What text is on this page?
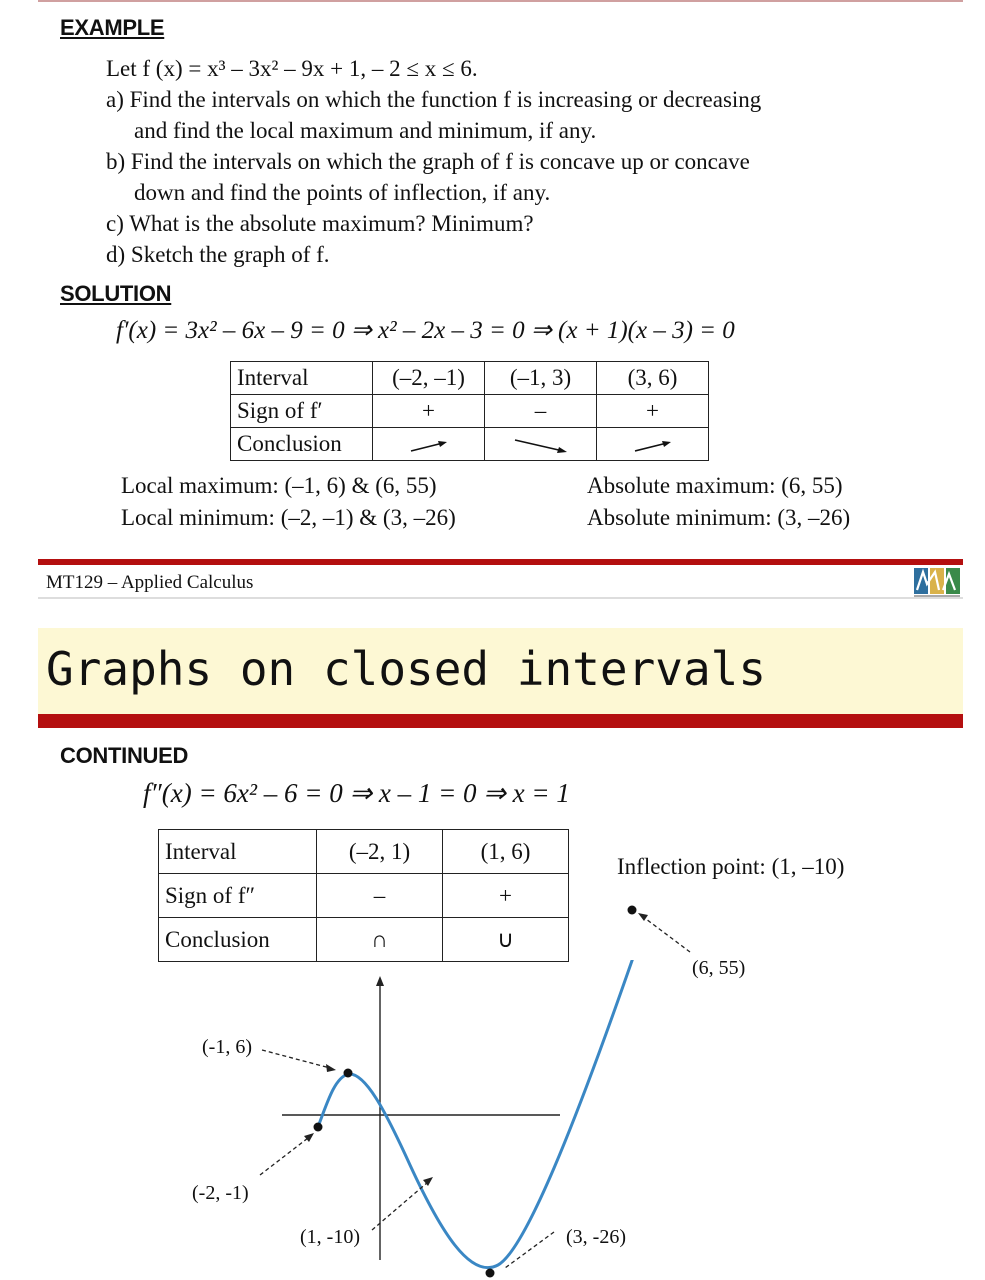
EXAMPLE
Let f (x) = x³ – 3x² – 9x + 1, – 2 ≤ x ≤ 6.
a) Find the intervals on which the function f is increasing or decreasing
and find the local maximum and minimum, if any.
b) Find the intervals on which the graph of f is concave up or concave
down and find the points of inflection, if any.
c) What is the absolute maximum? Minimum?
d) Sketch the graph of f.
SOLUTION
f′(x) = 3x² – 6x – 9 = 0 ⇒ x² – 2x – 3 = 0 ⇒ (x + 1)(x – 3) = 0
Interval	(–2, –1)	(–1, 3)	(3, 6)
Sign of f′	+	–	+
Conclusion			
Local maximum: (–1, 6) & (6, 55)
Local minimum: (–2, –1) & (3, –26)
Absolute maximum: (6, 55)
Absolute minimum: (3, –26)
MT129 – Applied Calculus
Graphs on closed intervals
CONTINUED
f″(x) = 6x² – 6 = 0 ⇒ x – 1 = 0 ⇒ x = 1
Interval	(–2, 1)	(1, 6)
Sign of f″	–	+
Conclusion	∩	∪
Inflection point: (1, –10)
(6, 55)
(-1, 6)
(-2, -1)
(1, -10)	(3, -26)
